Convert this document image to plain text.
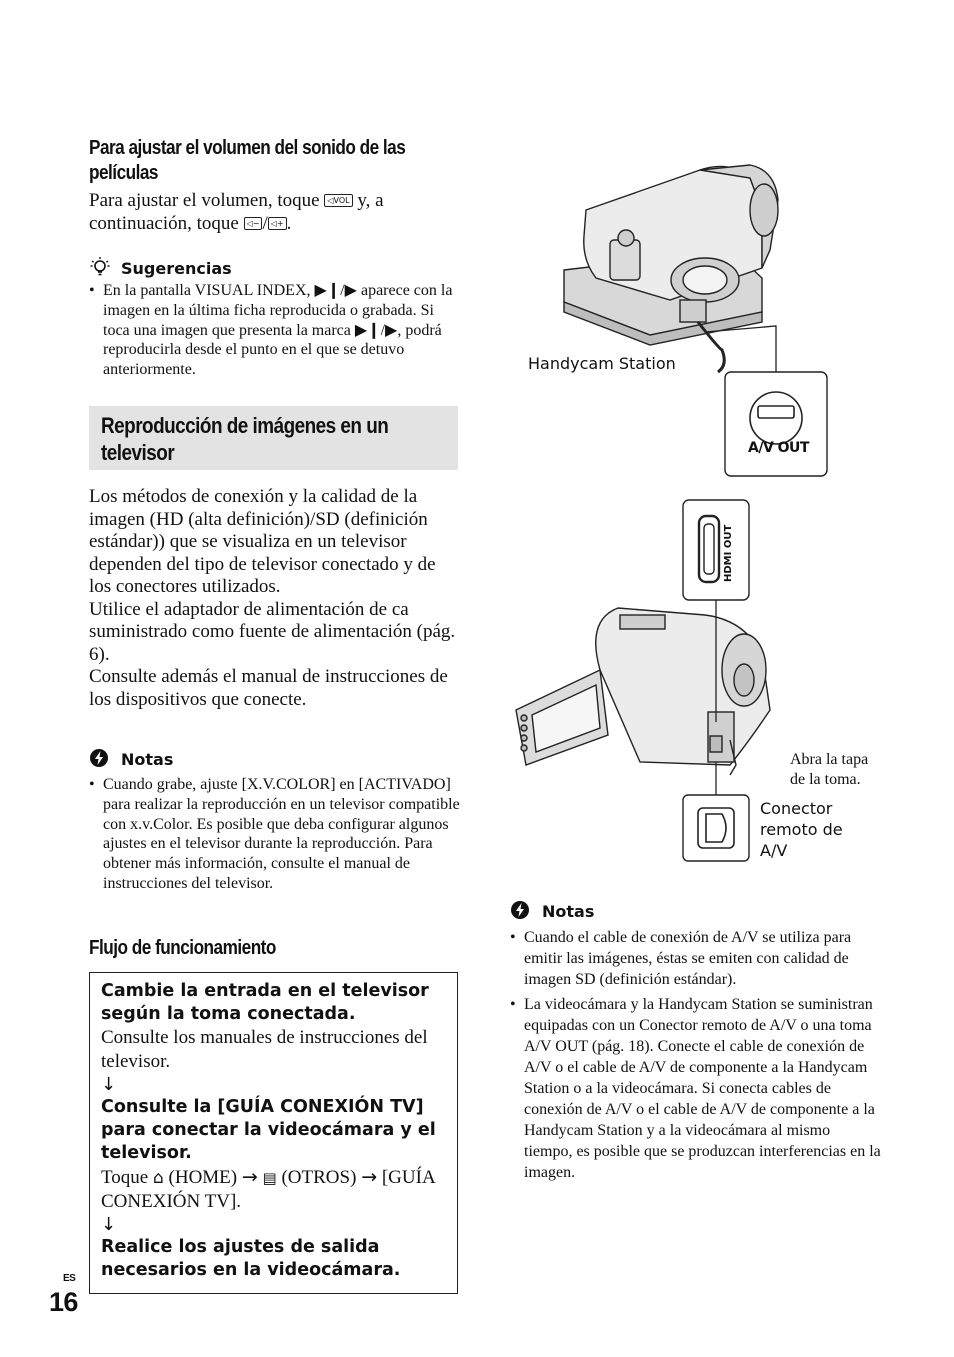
Para ajustar el volumen del sonido de las películas
Para ajustar el volumen, toque ◁VOL y, a continuación, toque ◁− / ◁+ .
Sugerencias
• En la pantalla VISUAL INDEX, ▶❙/▶ aparece con la imagen en la última ficha reproducida o grabada. Si toca una imagen que presenta la marca ▶❙/▶, podrá reproducirla desde el punto en el que se detuvo anteriormente.
Reproducción de imágenes en un televisor
Los métodos de conexión y la calidad de la imagen (HD (alta definición)/SD (definición estándar)) que se visualiza en un televisor dependen del tipo de televisor conectado y de los conectores utilizados.
Utilice el adaptador de alimentación de ca suministrado como fuente de alimentación (pág. 6).
Consulte además el manual de instrucciones de los dispositivos que conecte.
Notas
• Cuando grabe, ajuste [X.V.COLOR] en [ACTIVADO] para realizar la reproducción en un televisor compatible con x.v.Color. Es posible que deba configurar algunos ajustes en el televisor durante la reproducción. Para obtener más información, consulte el manual de instrucciones del televisor.
Flujo de funcionamiento
Cambie la entrada en el televisor según la toma conectada.
Consulte los manuales de instrucciones del televisor.
↓
Consulte la [GUÍA CONEXIÓN TV] para conectar la videocámara y el televisor.
Toque ⌂ (HOME) → ▤ (OTROS) → [GUÍA CONEXIÓN TV].
↓
Realice los ajustes de salida necesarios en la videocámara.
ES
16
Handycam Station
A/V OUT
HDMI OUT
Abra la tapa de la toma.
Conector remoto de A/V
Notas
• Cuando el cable de conexión de A/V se utiliza para emitir las imágenes, éstas se emiten con calidad de imagen SD (definición estándar).
• La videocámara y la Handycam Station se suministran equipadas con un Conector remoto de A/V o una toma A/V OUT (pág. 18). Conecte el cable de conexión de A/V o el cable de A/V de componente a la Handycam Station o a la videocámara. Si conecta cables de conexión de A/V o el cable de A/V de componente a la Handycam Station y a la videocámara al mismo tiempo, es posible que se produzcan interferencias en la imagen.
